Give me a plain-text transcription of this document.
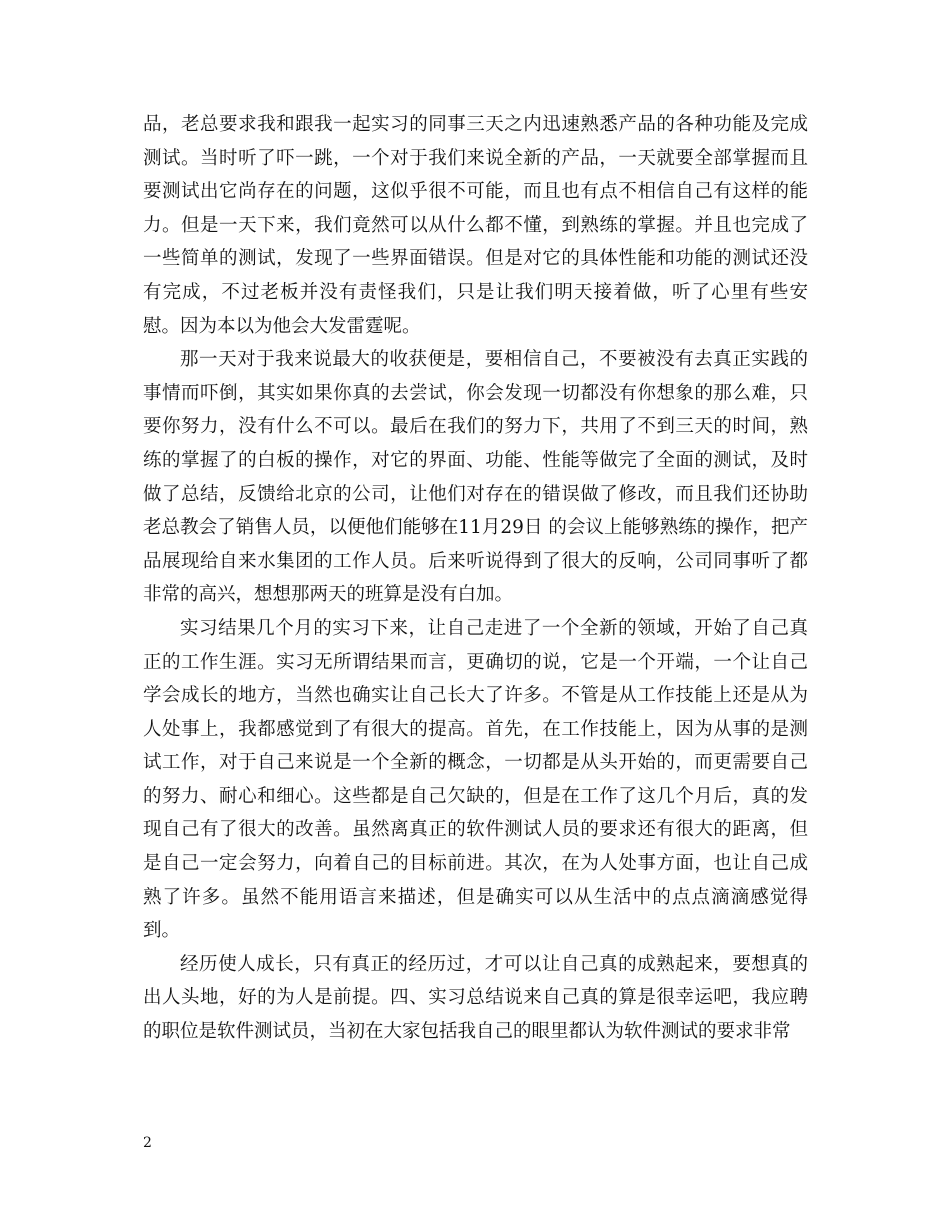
品，老总要求我和跟我一起实习的同事三天之内迅速熟悉产品的各种功能及完成测试。当时听了吓一跳，一个对于我们来说全新的产品，一天就要全部掌握而且要测试出它尚存在的问题，这似乎很不可能，而且也有点不相信自己有这样的能力。但是一天下来，我们竟然可以从什么都不懂，到熟练的掌握。并且也完成了一些简单的测试，发现了一些界面错误。但是对它的具体性能和功能的测试还没有完成，不过老板并没有责怪我们，只是让我们明天接着做，听了心里有些安慰。因为本以为他会大发雷霆呢。

那一天对于我来说最大的收获便是，要相信自己，不要被没有去真正实践的事情而吓倒，其实如果你真的去尝试，你会发现一切都没有你想象的那么难，只要你努力，没有什么不可以。最后在我们的努力下，共用了不到三天的时间，熟练的掌握了的白板的操作，对它的界面、功能、性能等做完了全面的测试，及时做了总结，反馈给北京的公司，让他们对存在的错误做了修改，而且我们还协助老总教会了销售人员，以便他们能够在11月29日 的会议上能够熟练的操作，把产品展现给自来水集团的工作人员。后来听说得到了很大的反响，公司同事听了都非常的高兴，想想那两天的班算是没有白加。

实习结果几个月的实习下来，让自己走进了一个全新的领域，开始了自己真正的工作生涯。实习无所谓结果而言，更确切的说，它是一个开端，一个让自己学会成长的地方，当然也确实让自己长大了许多。不管是从工作技能上还是从为人处事上，我都感觉到了有很大的提高。首先，在工作技能上，因为从事的是测试工作，对于自己来说是一个全新的概念，一切都是从头开始的，而更需要自己的努力、耐心和细心。这些都是自己欠缺的，但是在工作了这几个月后，真的发现自己有了很大的改善。虽然离真正的软件测试人员的要求还有很大的距离，但是自己一定会努力，向着自己的目标前进。其次，在为人处事方面，也让自己成熟了许多。虽然不能用语言来描述，但是确实可以从生活中的点点滴滴感觉得到。

经历使人成长，只有真正的经历过，才可以让自己真的成熟起来，要想真的出人头地，好的为人是前提。四、实习总结说来自己真的算是很幸运吧，我应聘的职位是软件测试员，当初在大家包括我自己的眼里都认为软件测试的要求非常

2
